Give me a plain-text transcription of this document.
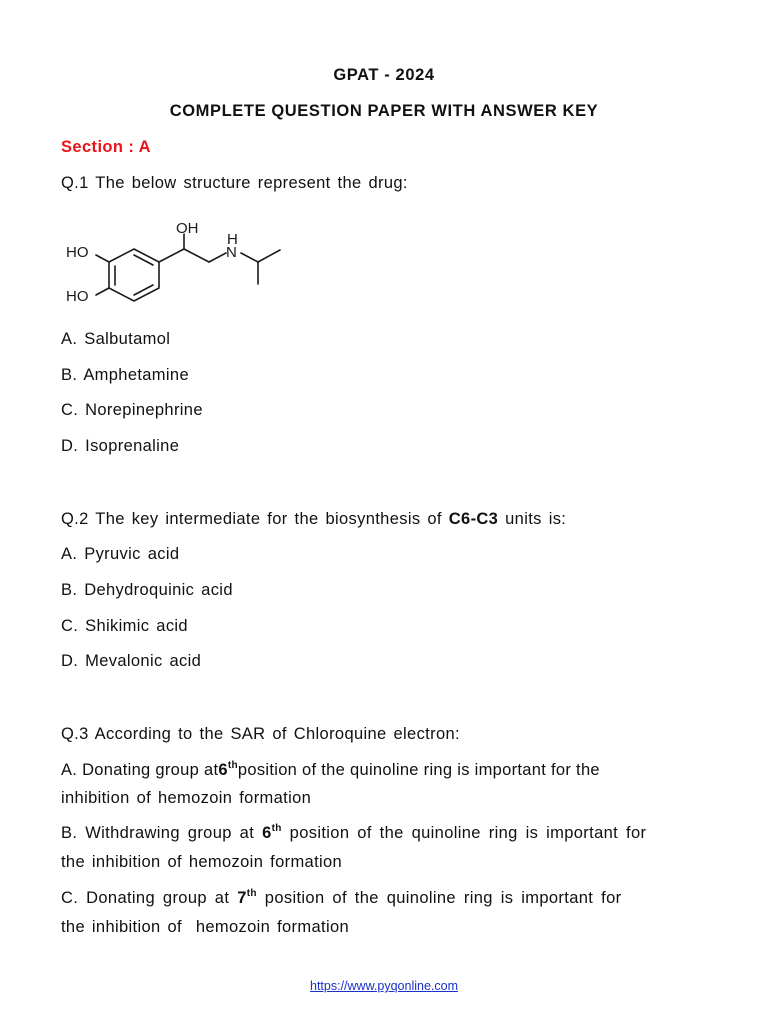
GPAT - 2024
COMPLETE QUESTION PAPER WITH ANSWER KEY
Section : A
Q.1 The below structure represent the drug:
HO
HO
OH
H
N
A. Salbutamol
B. Amphetamine
C. Norepinephrine
D. Isoprenaline
Q.2 The key intermediate for the biosynthesis of C6-C3 units is:
A. Pyruvic acid
B. Dehydroquinic acid
C. Shikimic acid
D. Mevalonic acid
Q.3 According to the SAR of Chloroquine electron:
A. Donating group at6thposition of the quinoline ring is important for the
inhibition of hemozoin formation
B. Withdrawing group at 6th position of the quinoline ring is important for
the inhibition of hemozoin formation
C. Donating group at 7th position of the quinoline ring is important for
the inhibition of  hemozoin formation
https://www.pyqonline.com
